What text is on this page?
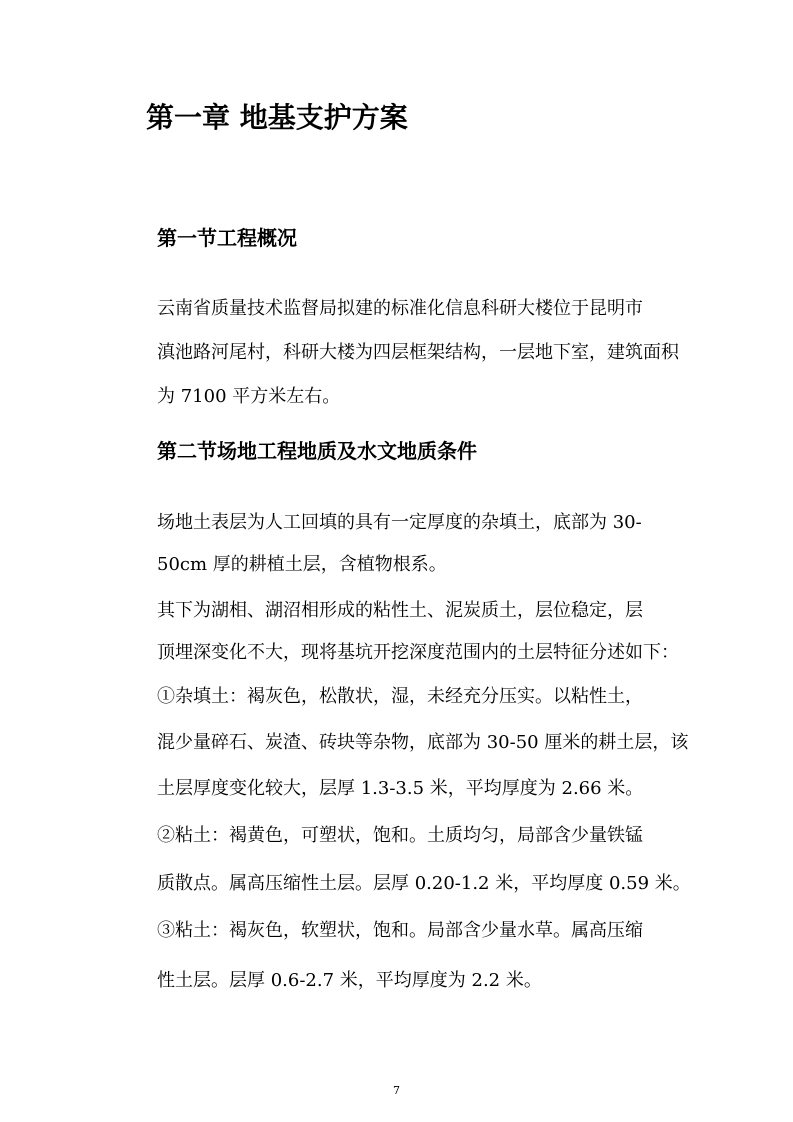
第一章 地基支护方案
第一节工程概况

云南省质量技术监督局拟建的标准化信息科研大楼位于昆明市
滇池路河尾村，科研大楼为四层框架结构，一层地下室，建筑面积
为 7100 平方米左右。

第二节场地工程地质及水文地质条件

场地土表层为人工回填的具有一定厚度的杂填土，底部为 30-
50cm 厚的耕植土层，含植物根系。

其下为湖相、湖沼相形成的粘性土、泥炭质土，层位稳定，层
顶埋深变化不大，现将基坑开挖深度范围内的土层特征分述如下：

①杂填土：褐灰色，松散状，湿，未经充分压实。以粘性土，
混少量碎石、炭渣、砖块等杂物，底部为 30-50 厘米的耕土层，该
土层厚度变化较大，层厚 1.3-3.5 米，平均厚度为 2.66 米。

②粘土：褐黄色，可塑状，饱和。土质均匀，局部含少量铁锰
质散点。属高压缩性土层。层厚 0.20-1.2 米，平均厚度 0.59 米。

③粘土：褐灰色，软塑状，饱和。局部含少量水草。属高压缩
性土层。层厚 0.6-2.7 米，平均厚度为 2.2 米。

7
